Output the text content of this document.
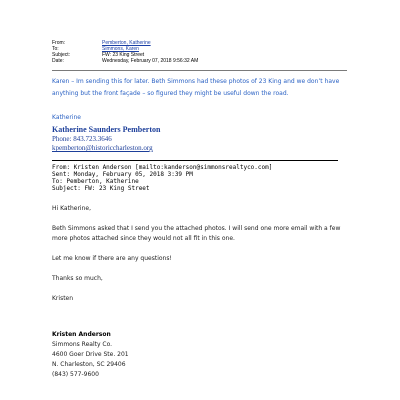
From:	Pemberton, Katherine
To:	Simmons, Karen
Subject:	FW: 23 King Street
Date:	Wednesday, February 07, 2018 9:56:32 AM
Karen – Im sending this for later. Beth Simmons had these photos of 23 King and we don’t have
anything but the front façade – so figured they might be useful down the road.
Katherine
Katherine Saunders Pemberton
Phone: 843.723.3646
kpemberton@historiccharleston.org
From: Kristen Anderson [mailto:kanderson@simmonsrealtyco.com]
Sent: Monday, February 05, 2018 3:39 PM
To: Pemberton, Katherine
Subject: FW: 23 King Street
Hi Katherine,
Beth Simmons asked that I send you the attached photos. I will send one more email with a few
more photos attached since they would not all fit in this one.
Let me know if there are any questions!
Thanks so much,
Kristen
Kristen Anderson
Simmons Realty Co.
4600 Goer Drive Ste. 201
N. Charleston, SC 29406
(843) 577-9600
